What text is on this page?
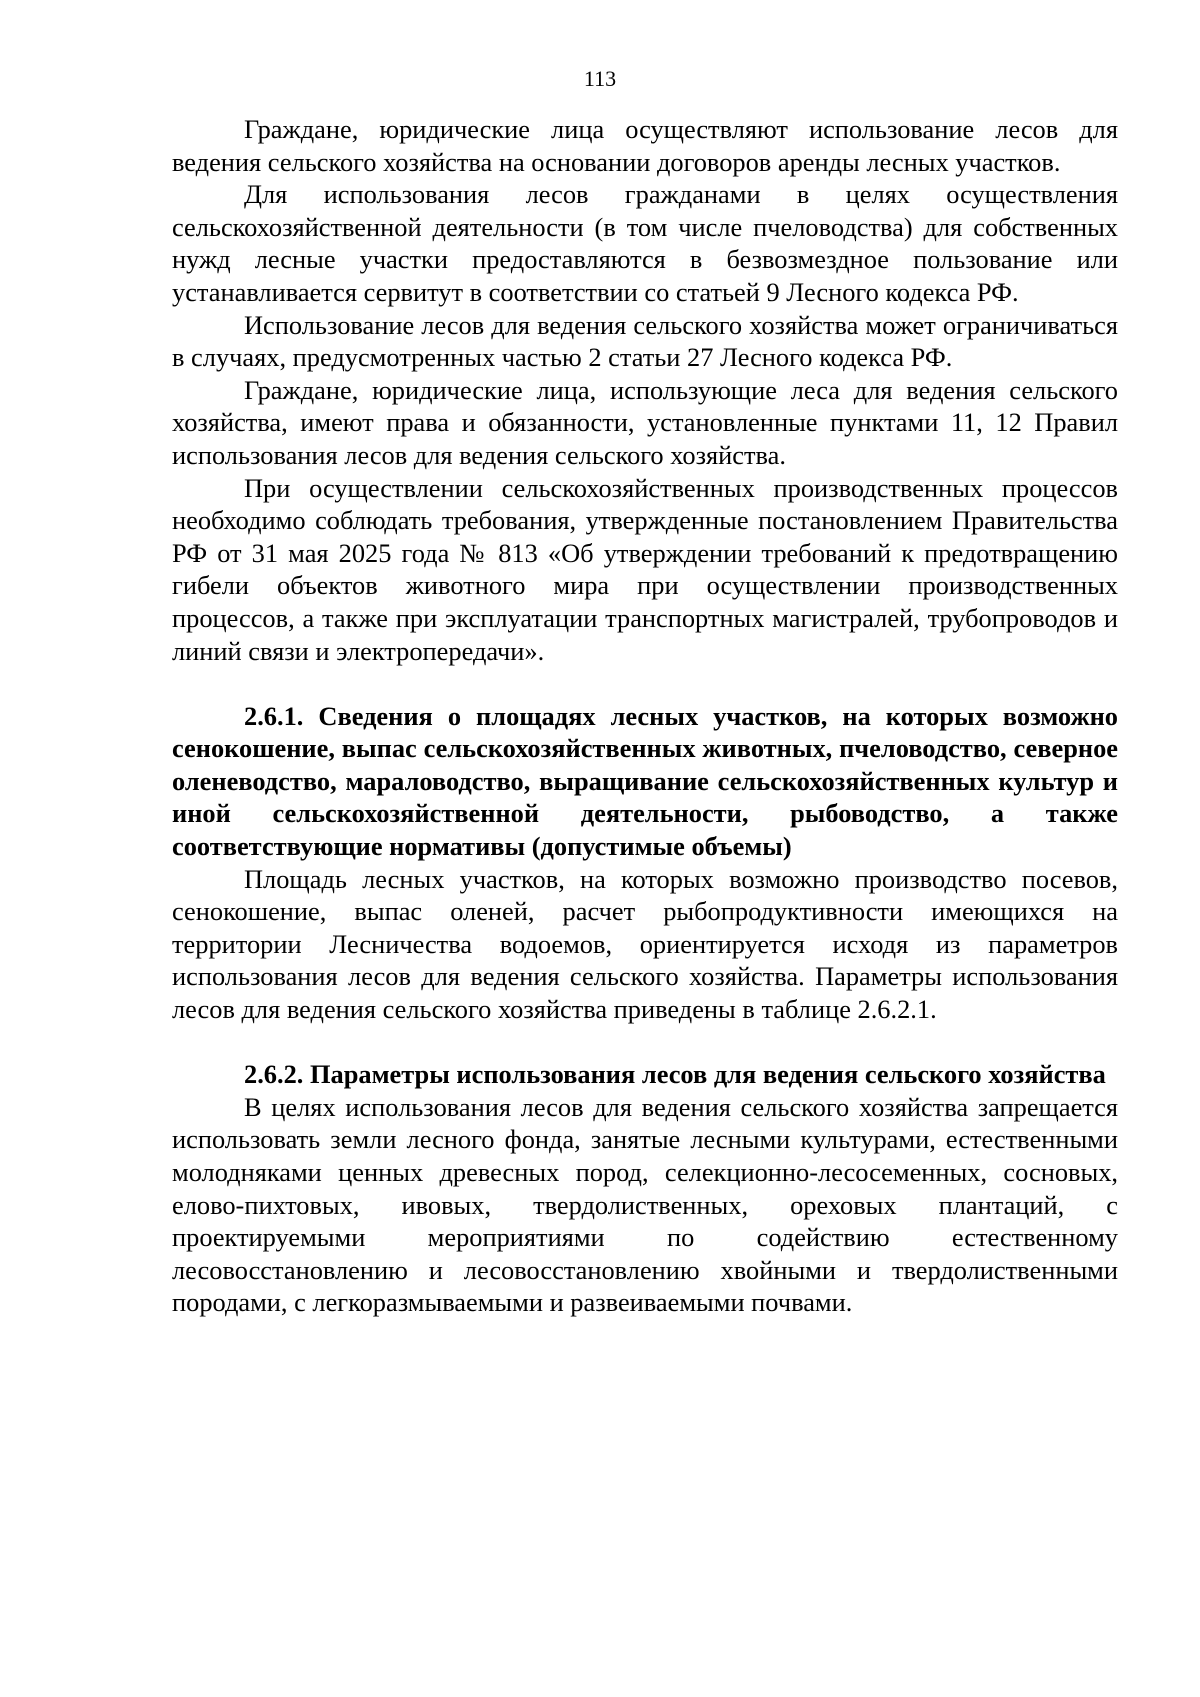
113

Граждане, юридические лица осуществляют использование лесов для ведения сельского хозяйства на основании договоров аренды лесных участков.

Для использования лесов гражданами в целях осуществления сельскохозяйственной деятельности (в том числе пчеловодства) для собственных нужд лесные участки предоставляются в безвозмездное пользование или устанавливается сервитут в соответствии со статьей 9 Лесного кодекса РФ.

Использование лесов для ведения сельского хозяйства может ограничиваться в случаях, предусмотренных частью 2 статьи 27 Лесного кодекса РФ.

Граждане, юридические лица, использующие леса для ведения сельского хозяйства, имеют права и обязанности, установленные пунктами 11, 12 Правил использования лесов для ведения сельского хозяйства.

При осуществлении сельскохозяйственных производственных процессов необходимо соблюдать требования, утвержденные постановлением Правительства РФ от 31 мая 2025 года № 813 «Об утверждении требований к предотвращению гибели объектов животного мира при осуществлении производственных процессов, а также при эксплуатации транспортных магистралей, трубопроводов и линий связи и электропередачи».

2.6.1. Сведения о площадях лесных участков, на которых возможно сенокошение, выпас сельскохозяйственных животных, пчеловодство, северное оленеводство, мараловодство, выращивание сельскохозяйственных культур и иной сельскохозяйственной деятельности, рыбоводство, а также соответствующие нормативы (допустимые объемы)

Площадь лесных участков, на которых возможно производство посевов, сенокошение, выпас оленей, расчет рыбопродуктивности имеющихся на территории Лесничества водоемов, ориентируется исходя из параметров использования лесов для ведения сельского хозяйства. Параметры использования лесов для ведения сельского хозяйства приведены в таблице 2.6.2.1.

2.6.2. Параметры использования лесов для ведения сельского хозяйства

В целях использования лесов для ведения сельского хозяйства запрещается использовать земли лесного фонда, занятые лесными культурами, естественными молодняками ценных древесных пород, селекционно-лесосеменных, сосновых, елово-пихтовых, ивовых, твердолиственных, ореховых плантаций, с проектируемыми мероприятиями по содействию естественному лесовосстановлению и лесовосстановлению хвойными и твердолиственными породами, с легкоразмываемыми и развеиваемыми почвами.
